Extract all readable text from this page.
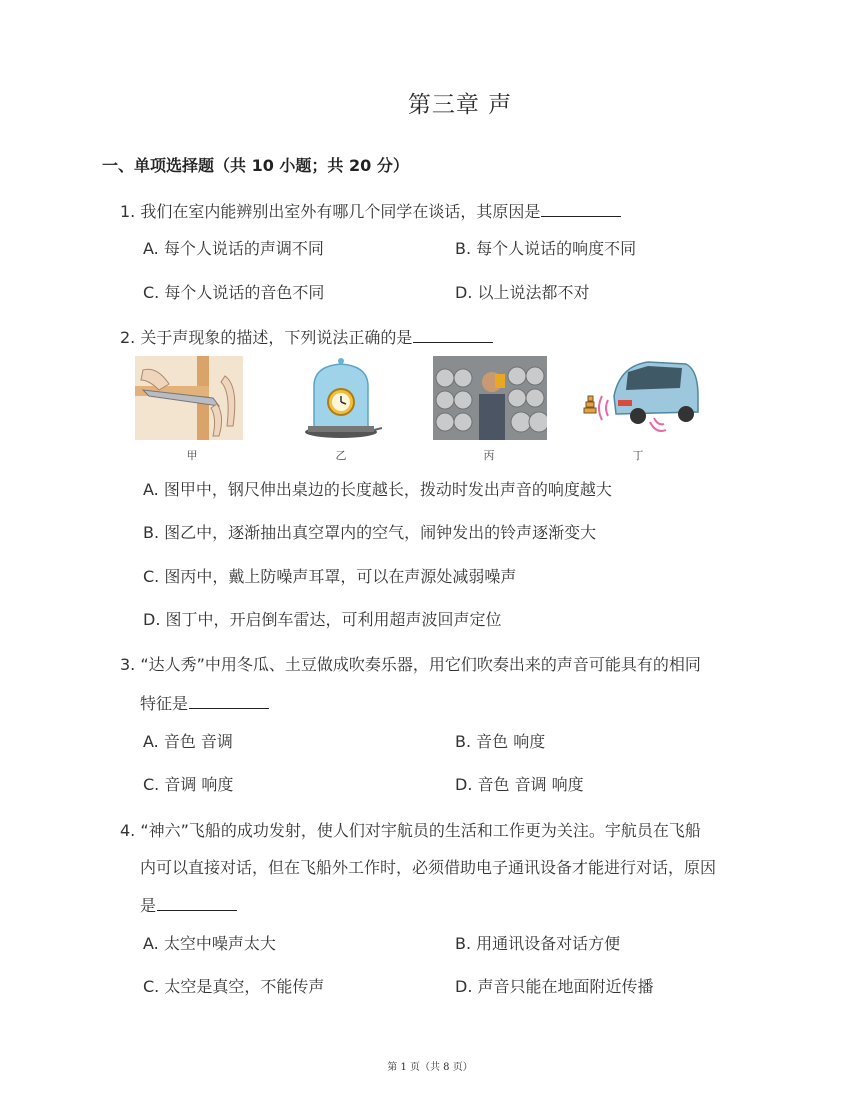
第三章 声
一、单项选择题（共 10 小题；共 20 分）
1. 我们在室内能辨别出室外有哪几个同学在谈话，其原因是
A. 每个人说话的声调不同	B. 每个人说话的响度不同
C. 每个人说话的音色不同	D. 以上说法都不对
2. 关于声现象的描述，下列说法正确的是
甲	乙	丙	丁
A. 图甲中，钢尺伸出桌边的长度越长，拨动时发出声音的响度越大
B. 图乙中，逐渐抽出真空罩内的空气，闹钟发出的铃声逐渐变大
C. 图丙中，戴上防噪声耳罩，可以在声源处减弱噪声
D. 图丁中，开启倒车雷达，可利用超声波回声定位
3. “达人秀”中用冬瓜、土豆做成吹奏乐器，用它们吹奏出来的声音可能具有的相同
特征是
A. 音色 音调	B. 音色 响度
C. 音调 响度	D. 音色 音调 响度
4. “神六”飞船的成功发射，使人们对宇航员的生活和工作更为关注。宇航员在飞船
内可以直接对话，但在飞船外工作时，必须借助电子通讯设备才能进行对话，原因
是
A. 太空中噪声太大	B. 用通讯设备对话方便
C. 太空是真空，不能传声	D. 声音只能在地面附近传播
第 1 页（共 8 页）
